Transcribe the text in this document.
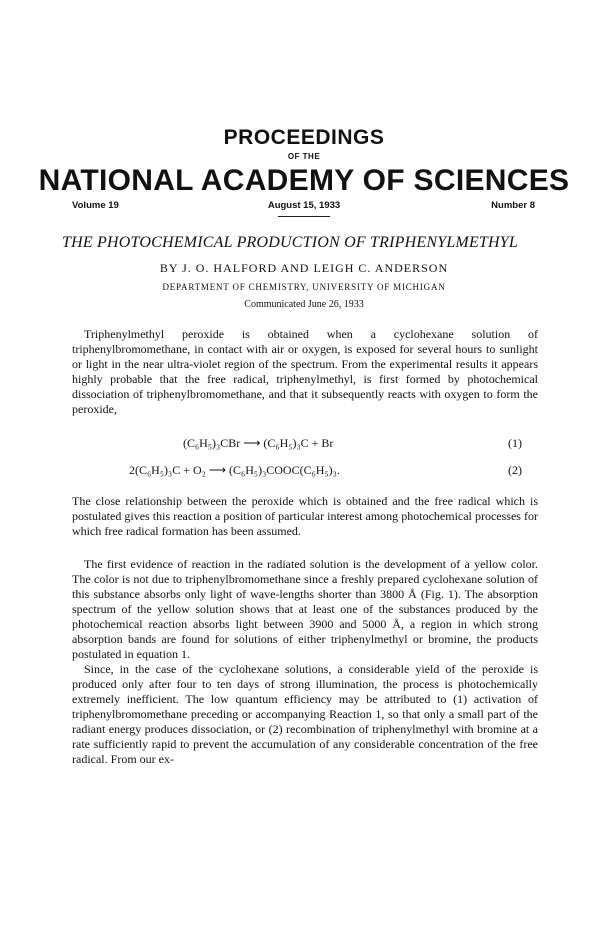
PROCEEDINGS
OF THE
NATIONAL ACADEMY OF SCIENCES
Volume 19	August 15, 1933	Number 8
THE PHOTOCHEMICAL PRODUCTION OF TRIPHENYLMETHYL
BY J. O. HALFORD AND LEIGH C. ANDERSON
DEPARTMENT OF CHEMISTRY, UNIVERSITY OF MICHIGAN
Communicated June 26, 1933
Triphenylmethyl peroxide is obtained when a cyclohexane solution of triphenylbromomethane, in contact with air or oxygen, is exposed for several hours to sunlight or light in the near ultra-violet region of the spectrum. From the experimental results it appears highly probable that the free radical, triphenylmethyl, is first formed by photochemical dissociation of triphenylbromomethane, and that it subsequently reacts with oxygen to form the peroxide,
(C₆H₅)₃CBr ⟶ (C₆H₅)₃C + Br	(1)
2(C₆H₅)₃C + O₂ ⟶ (C₆H₅)₃COOC(C₆H₅)₃.	(2)
The close relationship between the peroxide which is obtained and the free radical which is postulated gives this reaction a position of particular interest among photochemical processes for which free radical formation has been assumed.
The first evidence of reaction in the radiated solution is the development of a yellow color. The color is not due to triphenylbromomethane since a freshly prepared cyclohexane solution of this substance absorbs only light of wave-lengths shorter than 3800 Å (Fig. 1). The absorption spectrum of the yellow solution shows that at least one of the substances produced by the photochemical reaction absorbs light between 3900 and 5000 Å, a region in which strong absorption bands are found for solutions of either triphenylmethyl or bromine, the products postulated in equation 1.
Since, in the case of the cyclohexane solutions, a considerable yield of the peroxide is produced only after four to ten days of strong illumination, the process is photochemically extremely inefficient. The low quantum efficiency may be attributed to (1) activation of triphenylbromomethane preceding or accompanying Reaction 1, so that only a small part of the radiant energy produces dissociation, or (2) recombination of triphenylmethyl with bromine at a rate sufficiently rapid to prevent the accumulation of any considerable concentration of the free radical. From our ex-
